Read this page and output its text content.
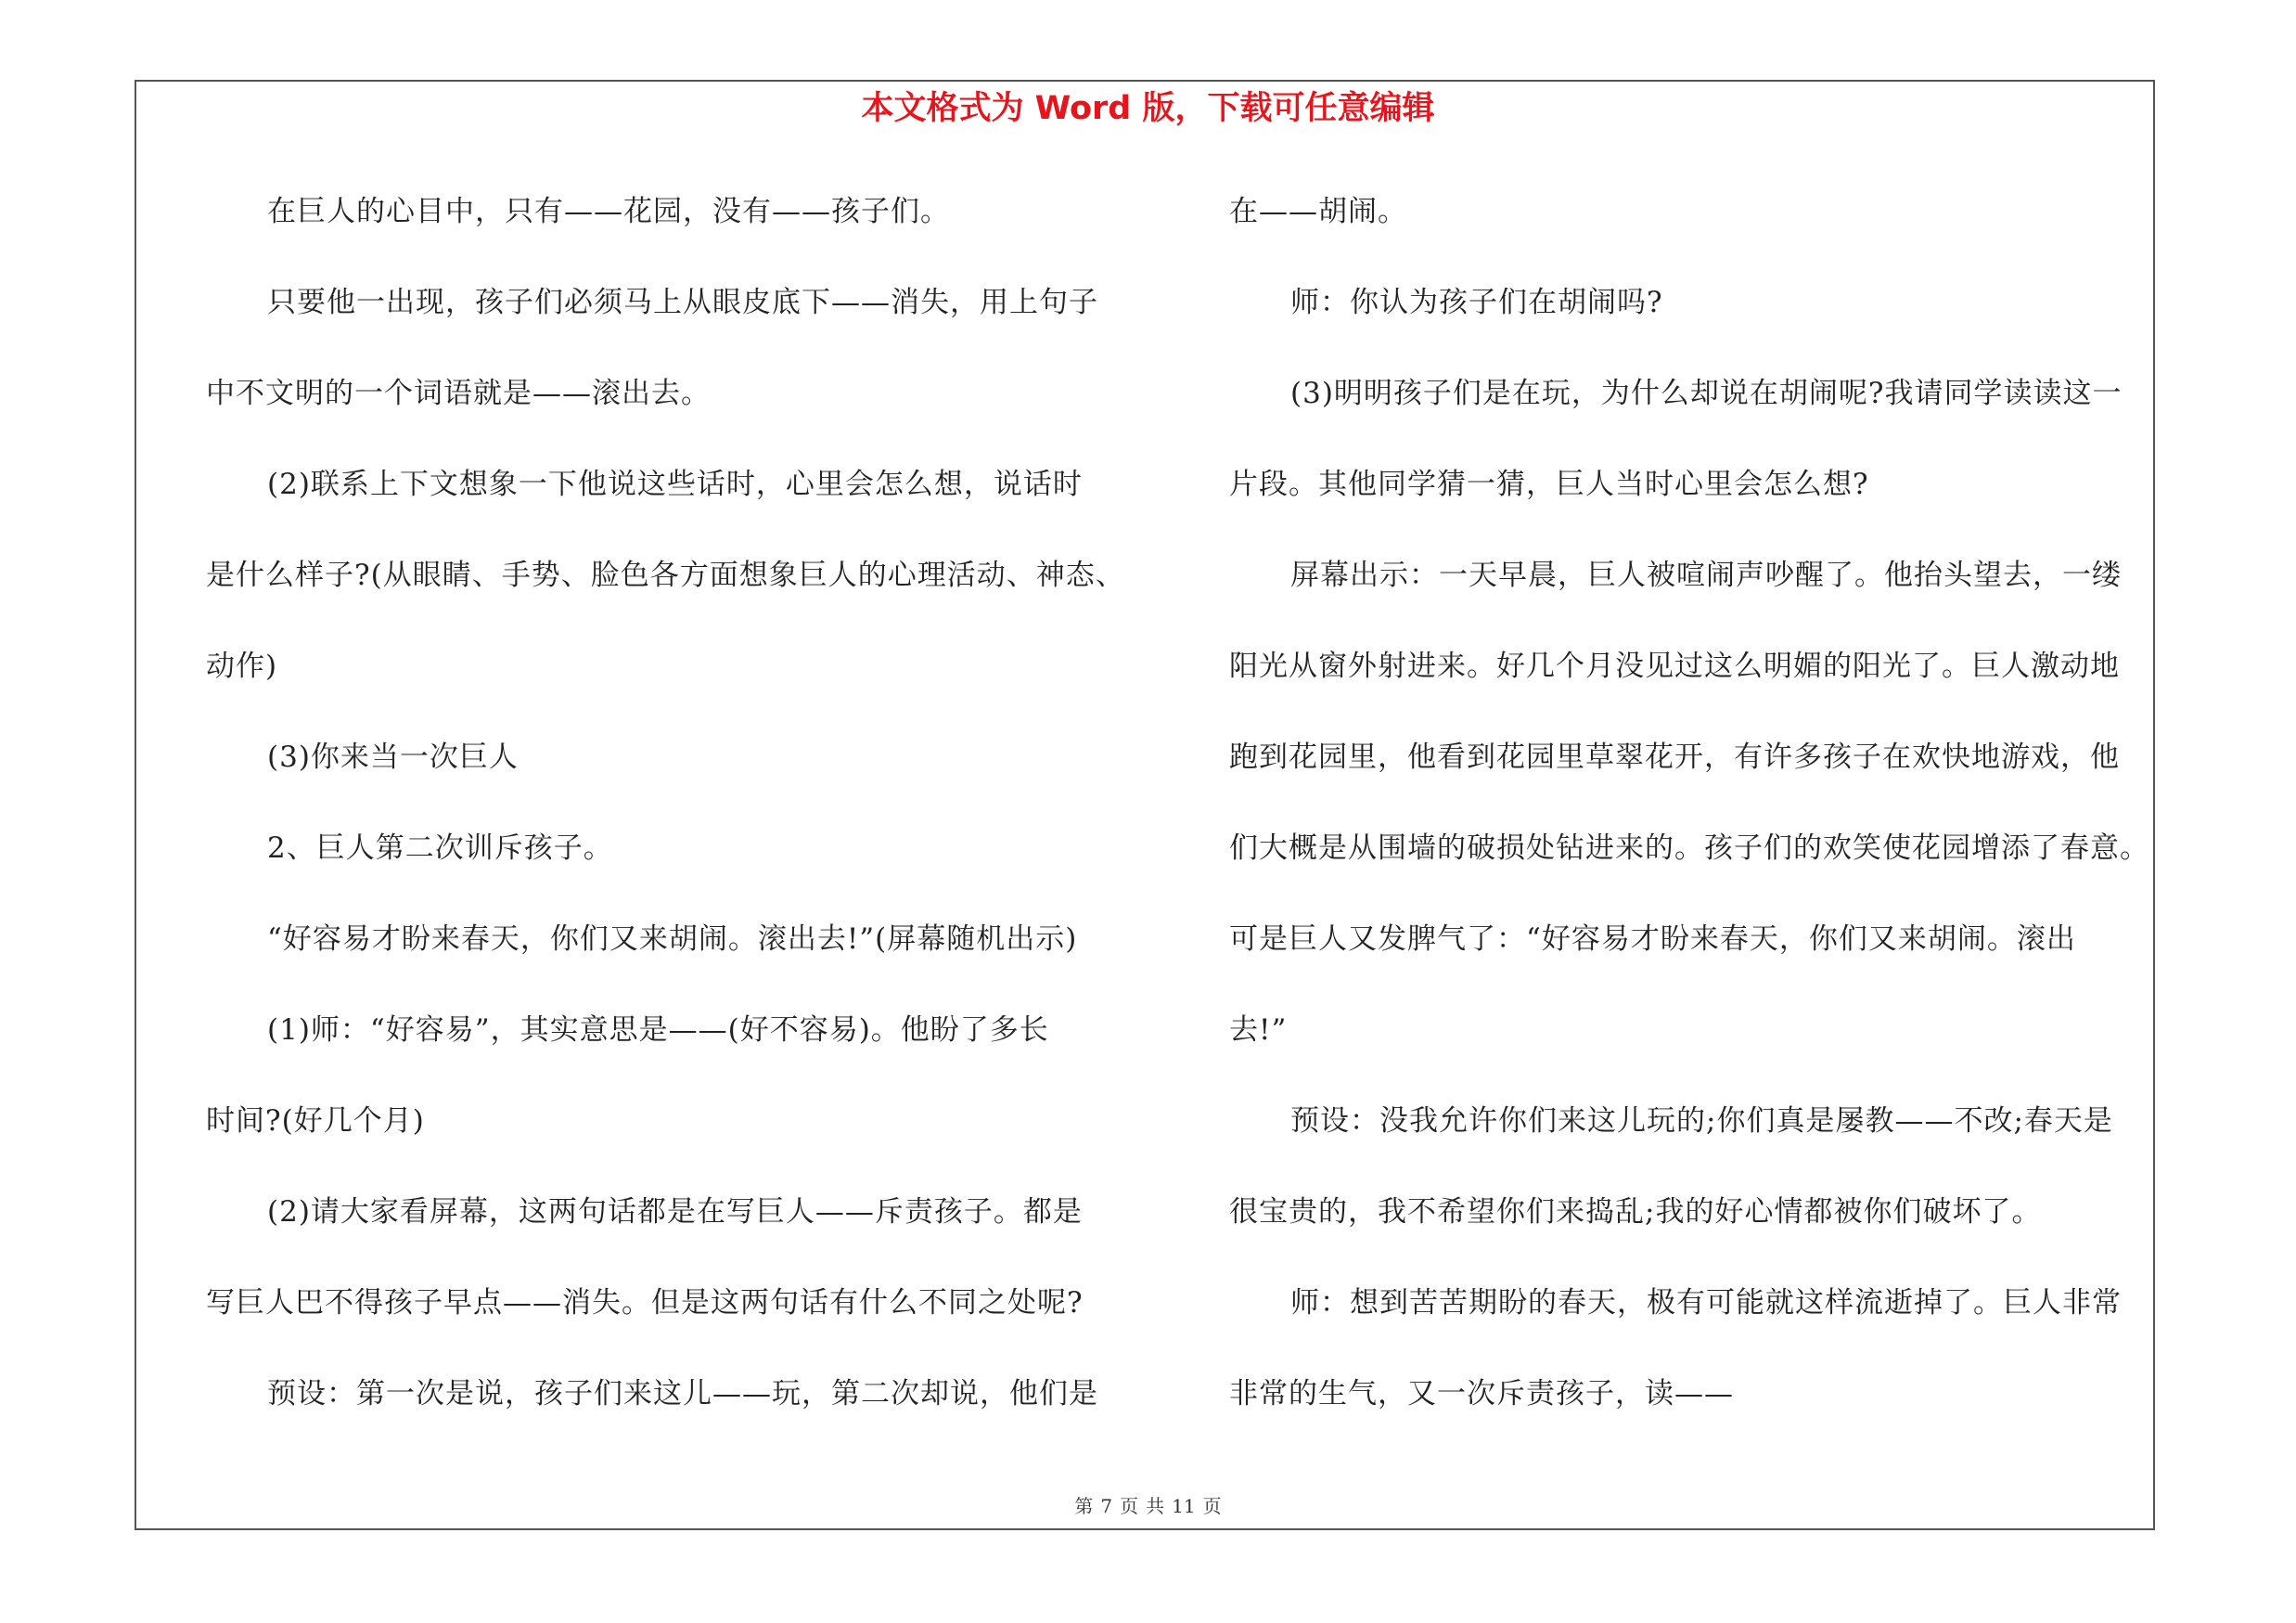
本文格式为 Word 版，下载可任意编辑
在巨人的心目中，只有——花园，没有——孩子们。
只要他一出现，孩子们必须马上从眼皮底下——消失，用上句子
中不文明的一个词语就是——滚出去。
(2)联系上下文想象一下他说这些话时，心里会怎么想，说话时
是什么样子?(从眼睛、手势、脸色各方面想象巨人的心理活动、神态、
动作)
(3)你来当一次巨人
2、巨人第二次训斥孩子。
“好容易才盼来春天，你们又来胡闹。滚出去!”(屏幕随机出示)
(1)师：“好容易”，其实意思是——(好不容易)。他盼了多长
时间?(好几个月)
(2)请大家看屏幕，这两句话都是在写巨人——斥责孩子。都是
写巨人巴不得孩子早点——消失。但是这两句话有什么不同之处呢?
预设：第一次是说，孩子们来这儿——玩，第二次却说，他们是
在——胡闹。
师：你认为孩子们在胡闹吗?
(3)明明孩子们是在玩，为什么却说在胡闹呢?我请同学读读这一
片段。其他同学猜一猜，巨人当时心里会怎么想?
屏幕出示：一天早晨，巨人被喧闹声吵醒了。他抬头望去，一缕
阳光从窗外射进来。好几个月没见过这么明媚的阳光了。巨人激动地
跑到花园里，他看到花园里草翠花开，有许多孩子在欢快地游戏，他
们大概是从围墙的破损处钻进来的。孩子们的欢笑使花园增添了春意。
可是巨人又发脾气了：“好容易才盼来春天，你们又来胡闹。滚出
去!”
预设：没我允许你们来这儿玩的;你们真是屡教——不改;春天是
很宝贵的，我不希望你们来捣乱;我的好心情都被你们破坏了。
师：想到苦苦期盼的春天，极有可能就这样流逝掉了。巨人非常
非常的生气，又一次斥责孩子，读——
第 7 页 共 11 页
